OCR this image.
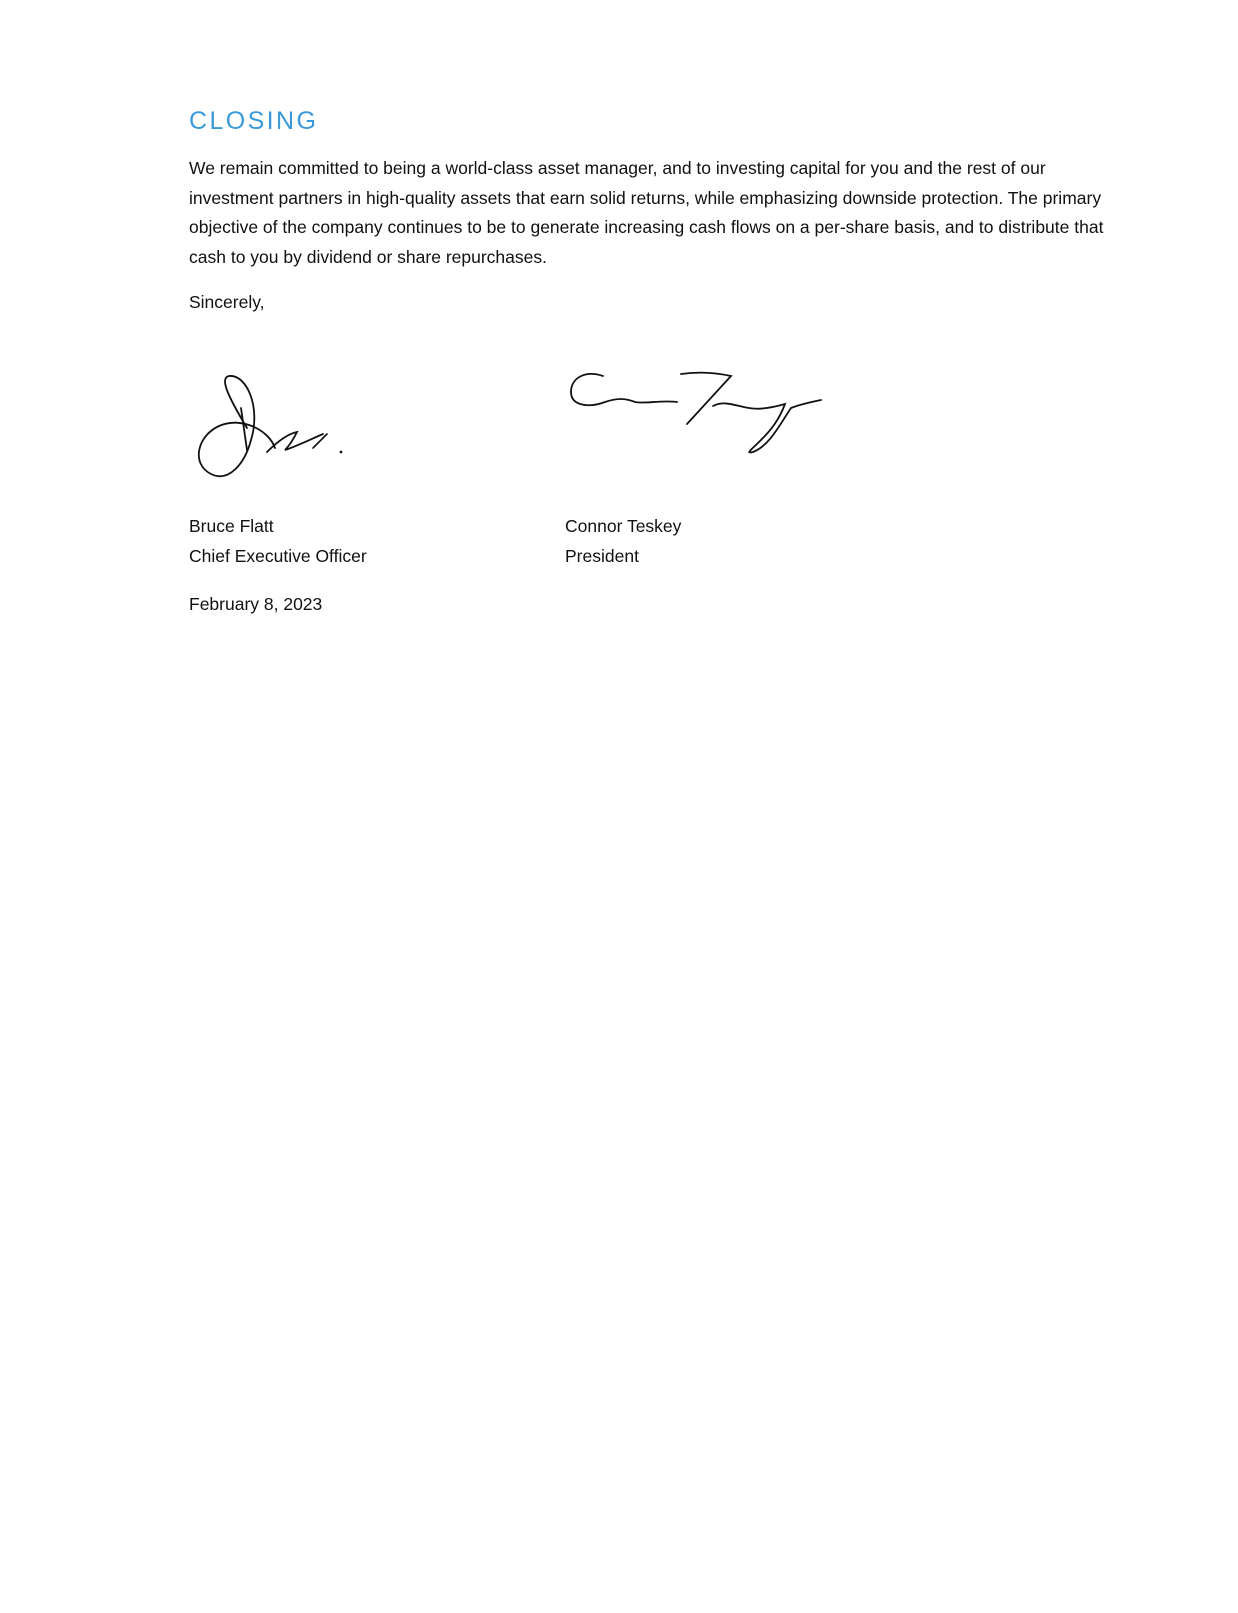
CLOSING

We remain committed to being a world-class asset manager, and to investing capital for you and the rest of our investment partners in high-quality assets that earn solid returns, while emphasizing downside protection. The primary objective of the company continues to be to generate increasing cash flows on a per-share basis, and to distribute that cash to you by dividend or share repurchases.

Sincerely,

Bruce Flatt
Chief Executive Officer
Connor Teskey
President
February 8, 2023
